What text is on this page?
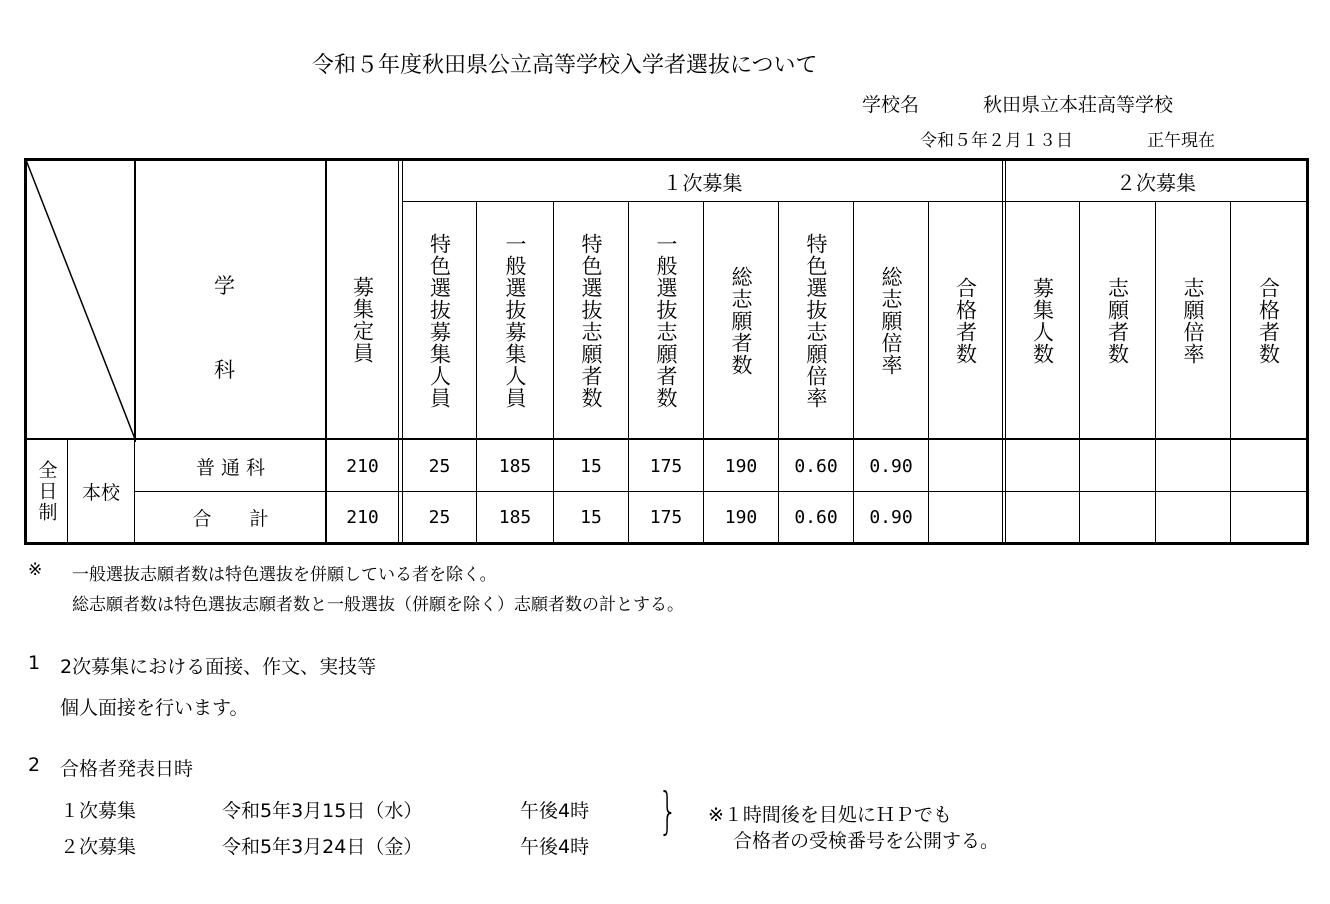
令和５年度秋田県公立高等学校入学者選抜について
学校名	秋田県立本荘高等学校
令和５年２月１３日	正午現在
学
科
募集定員
１次募集	２次募集
特色選抜募集人員	一般選抜募集人員	特色選抜志願者数	一般選抜志願者数	総志願者数	特色選抜志願倍率	総志願倍率	合格者数	募集人数	志願者数	志願倍率	合格者数
全日制	本校
普 通 科	210	25	185	15	175	190	0.60	0.90
合　　計	210	25	185	15	175	190	0.60	0.90
※ 一般選抜志願者数は特色選抜を併願している者を除く。
総志願者数は特色選抜志願者数と一般選抜（併願を除く）志願者数の計とする。
1 2次募集における面接、作文、実技等
個人面接を行います。
2 合格者発表日時
１次募集	令和5年3月15日（水）	午後4時
２次募集	令和5年3月24日（金）	午後4時
} ※１時間後を目処にＨＰでも
合格者の受検番号を公開する。
